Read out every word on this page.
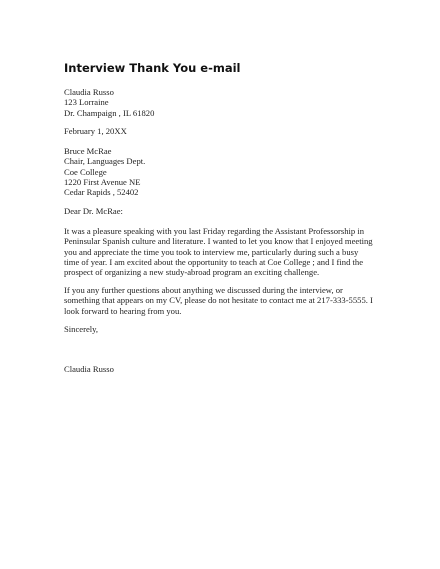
Interview Thank You e-mail
Claudia Russo
123 Lorraine
Dr. Champaign , IL 61820
February 1, 20XX
Bruce McRae
Chair, Languages Dept.
Coe College
1220 First Avenue NE
Cedar Rapids , 52402
Dear Dr. McRae:
It was a pleasure speaking with you last Friday regarding the Assistant Professorship in
Peninsular Spanish culture and literature. I wanted to let you know that I enjoyed meeting
you and appreciate the time you took to interview me, particularly during such a busy
time of year. I am excited about the opportunity to teach at Coe College ; and I find the
prospect of organizing a new study-abroad program an exciting challenge.
If you any further questions about anything we discussed during the interview, or
something that appears on my CV, please do not hesitate to contact me at 217-333-5555. I
look forward to hearing from you.
Sincerely,
Claudia Russo
